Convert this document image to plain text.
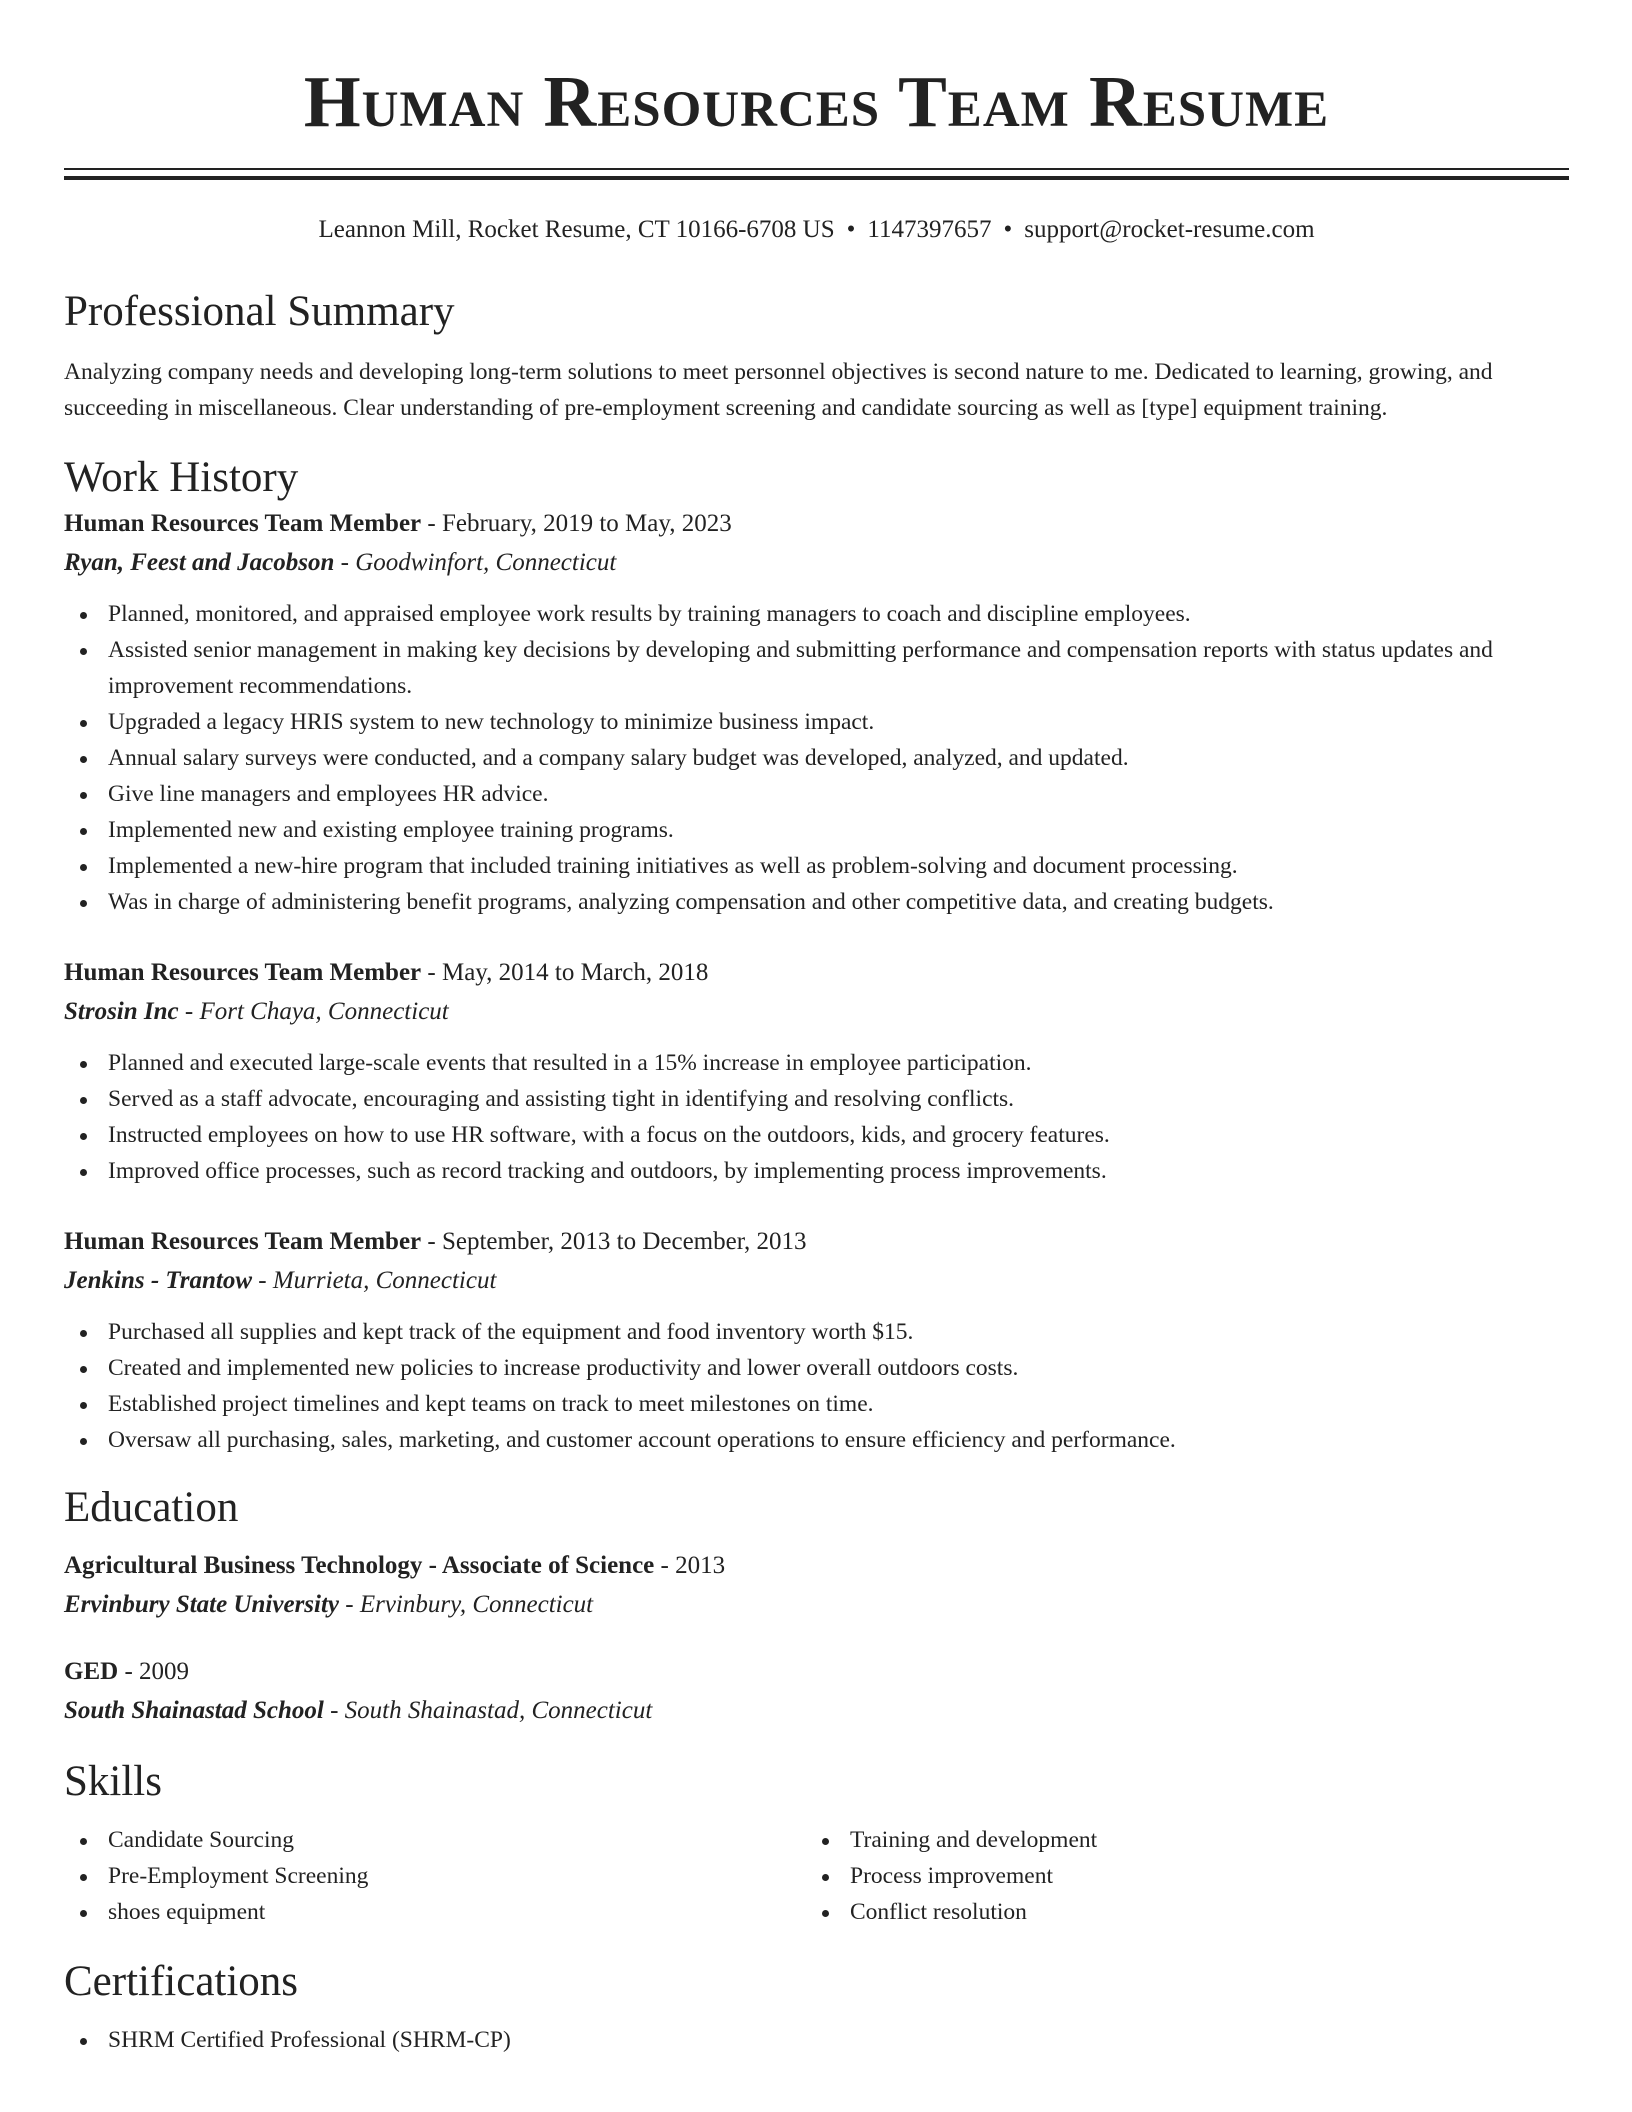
Human Resources Team Resume
Leannon Mill, Rocket Resume, CT 10166-6708 US • 1147397657 • support@rocket-resume.com
Professional Summary

Analyzing company needs and developing long-term solutions to meet personnel objectives is second nature to me. Dedicated to learning, growing, and succeeding in miscellaneous. Clear understanding of pre-employment screening and candidate sourcing as well as [type] equipment training.

Work History
Human Resources Team Member - February, 2019 to May, 2023
Ryan, Feest and Jacobson - Goodwinfort, Connecticut
Planned, monitored, and appraised employee work results by training managers to coach and discipline employees.
Assisted senior management in making key decisions by developing and submitting performance and compensation reports with status updates and improvement recommendations.
Upgraded a legacy HRIS system to new technology to minimize business impact.
Annual salary surveys were conducted, and a company salary budget was developed, analyzed, and updated.
Give line managers and employees HR advice.
Implemented new and existing employee training programs.
Implemented a new-hire program that included training initiatives as well as problem-solving and document processing.
Was in charge of administering benefit programs, analyzing compensation and other competitive data, and creating budgets.
Human Resources Team Member - May, 2014 to March, 2018
Strosin Inc - Fort Chaya, Connecticut
Planned and executed large-scale events that resulted in a 15% increase in employee participation.
Served as a staff advocate, encouraging and assisting tight in identifying and resolving conflicts.
Instructed employees on how to use HR software, with a focus on the outdoors, kids, and grocery features.
Improved office processes, such as record tracking and outdoors, by implementing process improvements.
Human Resources Team Member - September, 2013 to December, 2013
Jenkins - Trantow - Murrieta, Connecticut
Purchased all supplies and kept track of the equipment and food inventory worth $15.
Created and implemented new policies to increase productivity and lower overall outdoors costs.
Established project timelines and kept teams on track to meet milestones on time.
Oversaw all purchasing, sales, marketing, and customer account operations to ensure efficiency and performance.
Education
Agricultural Business Technology - Associate of Science - 2013
Ervinbury State University - Ervinbury, Connecticut
GED - 2009
South Shainastad School - South Shainastad, Connecticut
Skills
Candidate Sourcing
Pre-Employment Screening
shoes equipment
Training and development
Process improvement
Conflict resolution
Certifications
SHRM Certified Professional (SHRM-CP)
